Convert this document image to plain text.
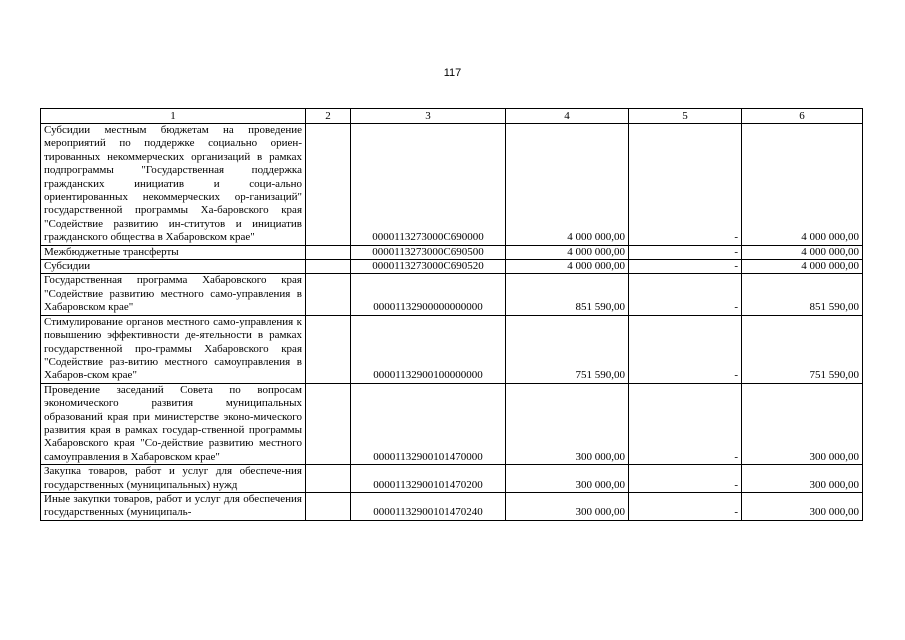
117
1	2	3	4	5	6
Субсидии местным бюджетам на проведение мероприятий по поддержке социально ориен-тированных некоммерческих организаций в рамках подпрограммы "Государственная поддержка гражданских инициатив и соци-ально ориентированных некоммерческих ор-ганизаций" государственной программы Ха-баровского края "Содействие развитию ин-ститутов и инициатив гражданского общества в Хабаровском крае"		0000113273000С690000	4 000 000,00	-	4 000 000,00
Межбюджетные трансферты		0000113273000С690500	4 000 000,00	-	4 000 000,00
Субсидии		0000113273000С690520	4 000 000,00	-	4 000 000,00
Государственная программа Хабаровского края "Содействие развитию местного само-управления в Хабаровском крае"		00001132900000000000	851 590,00	-	851 590,00
Стимулирование органов местного само-управления к повышению эффективности де-ятельности в рамках государственной про-граммы Хабаровского края "Содействие раз-витию местного самоуправления в Хабаров-ском крае"		00001132900100000000	751 590,00	-	751 590,00
Проведение заседаний Совета по вопросам экономического развития муниципальных образований края при министерстве эконо-мического развития края в рамках государ-ственной программы Хабаровского края "Со-действие развитию местного самоуправления в Хабаровском крае"		00001132900101470000	300 000,00	-	300 000,00
Закупка товаров, работ и услуг для обеспече-ния государственных (муниципальных) нужд		00001132900101470200	300 000,00	-	300 000,00
Иные закупки товаров, работ и услуг для обеспечения государственных (муниципаль-		00001132900101470240	300 000,00	-	300 000,00
